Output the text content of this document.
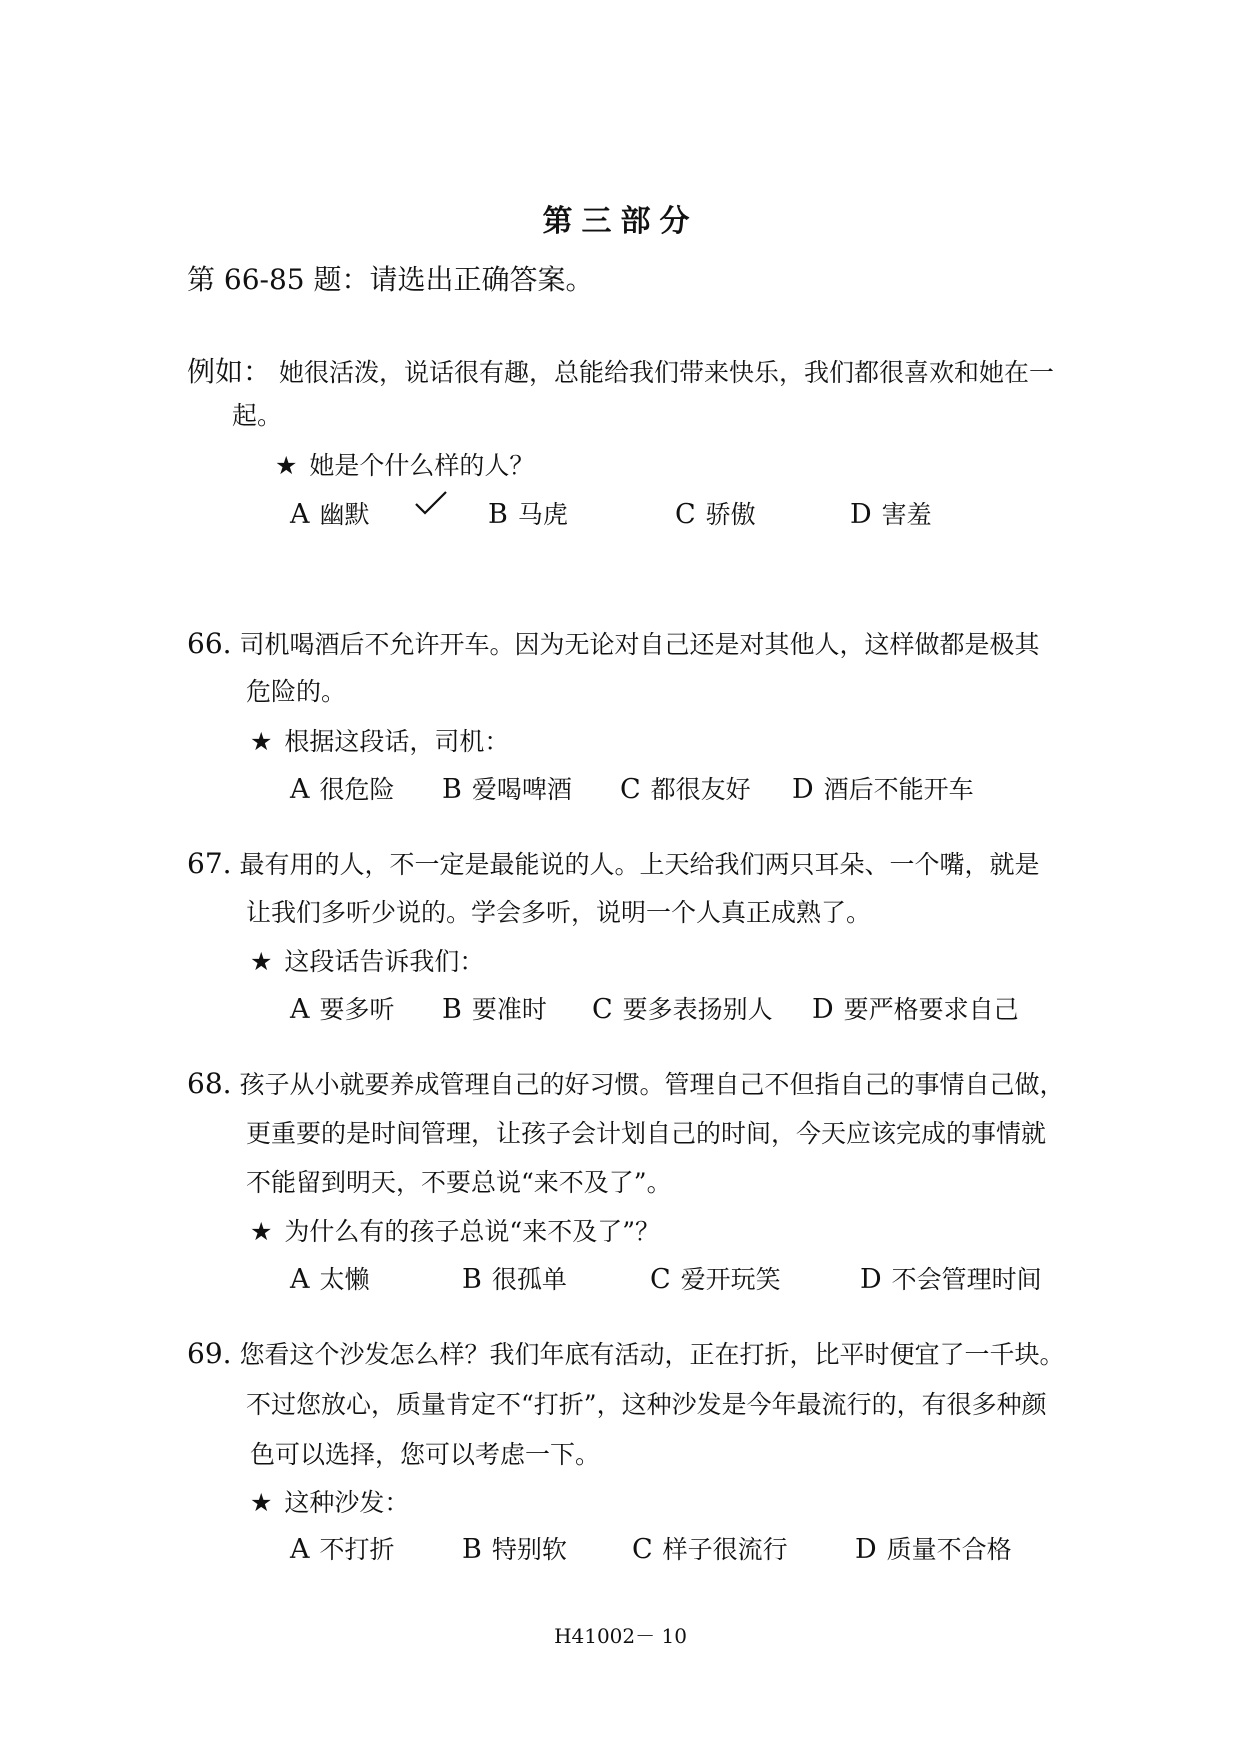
第三部分
第 66-85 题：请选出正确答案。
例如： 她很活泼，说话很有趣，总能给我们带来快乐，我们都很喜欢和她在一
起。
★ 她是个什么样的人？
A 幽默	B 马虎	C 骄傲	D 害羞
66. 司机喝酒后不允许开车。因为无论对自己还是对其他人，这样做都是极其
危险的。
★ 根据这段话，司机：
A 很危险 B 爱喝啤酒 C 都很友好 D 酒后不能开车
67. 最有用的人，不一定是最能说的人。上天给我们两只耳朵、一个嘴，就是
让我们多听少说的。学会多听，说明一个人真正成熟了。
★ 这段话告诉我们：
A 要多听 B 要准时 C 要多表扬别人 D 要严格要求自己
68. 孩子从小就要养成管理自己的好习惯。管理自己不但指自己的事情自己做，
更重要的是时间管理，让孩子会计划自己的时间，今天应该完成的事情就
不能留到明天，不要总说“来不及了”。
★ 为什么有的孩子总说“来不及了”？
A 太懒	B 很孤单	C 爱开玩笑	D 不会管理时间
69. 您看这个沙发怎么样？我们年底有活动，正在打折，比平时便宜了一千块。
不过您放心，质量肯定不“打折”，这种沙发是今年最流行的，有很多种颜
色可以选择，您可以考虑一下。
★ 这种沙发：
A 不打折 B 特别软 C 样子很流行 D 质量不合格
H41002－ 10
